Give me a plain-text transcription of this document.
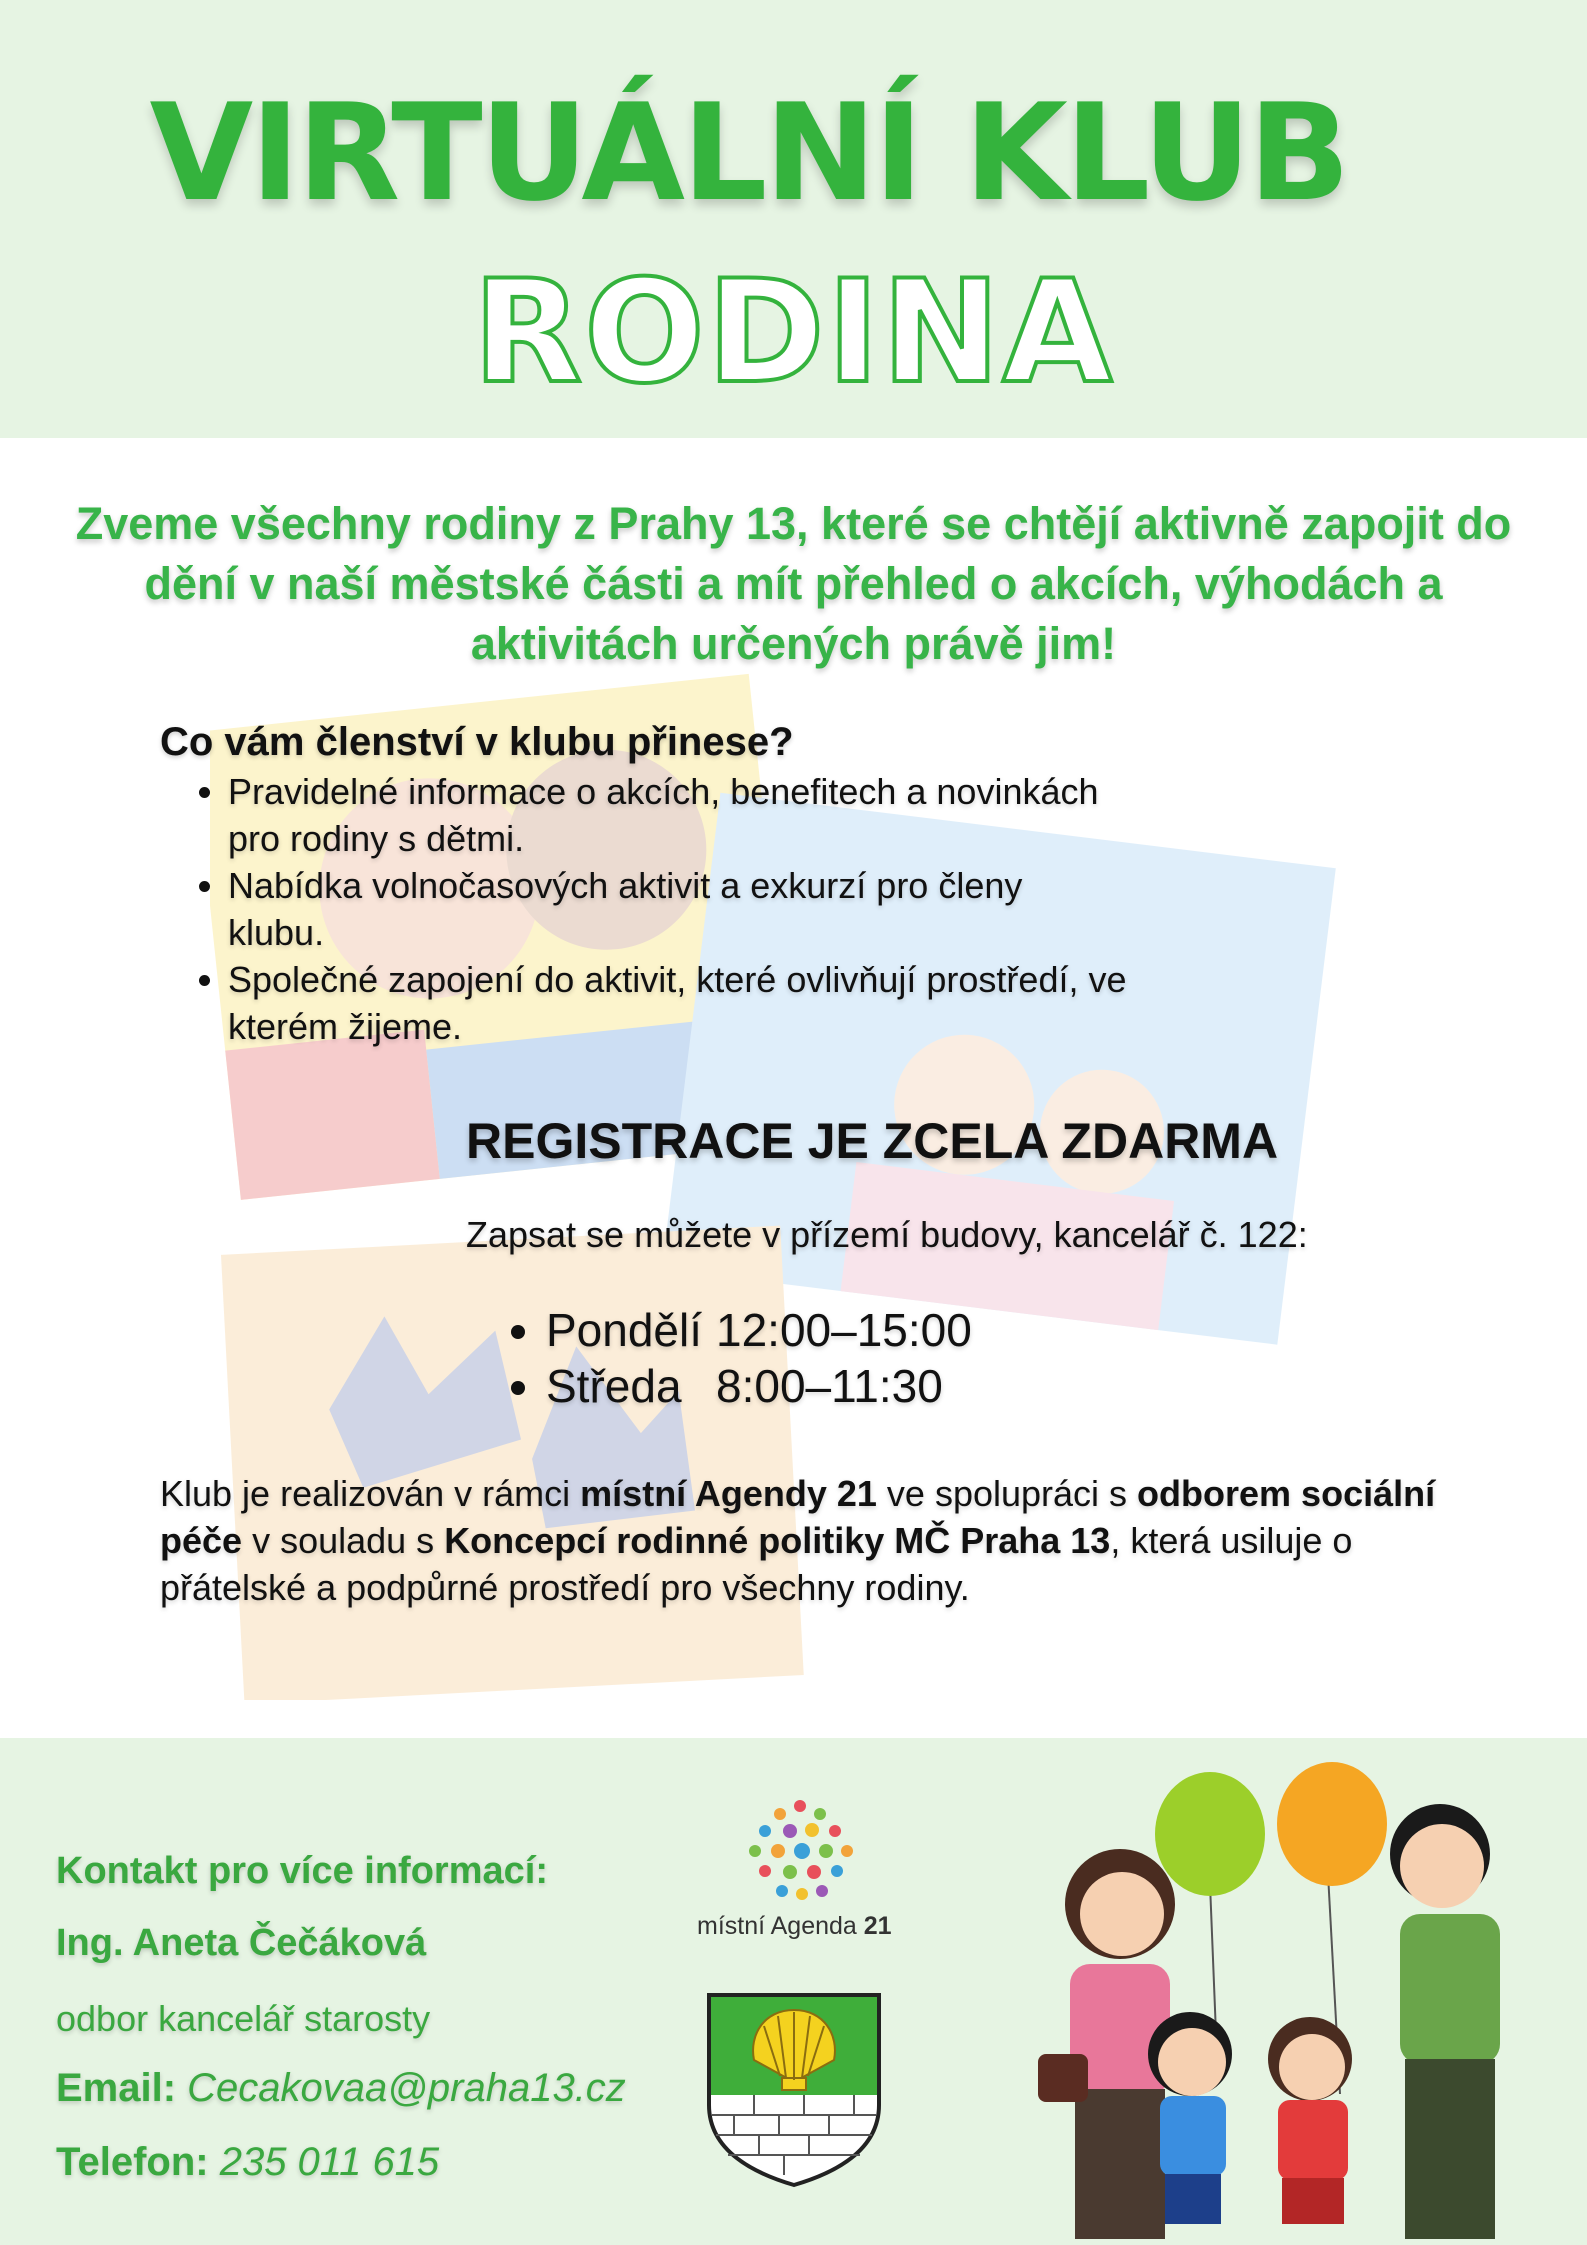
VIRTUÁLNÍ KLUB
RODINA
Zveme všechny rodiny z Prahy 13, které se chtějí aktivně zapojit do dění v naší městské části a mít přehled o akcích, výhodách a aktivitách určených právě jim!
Co vám členství v klubu přinese?
• Pravidelné informace o akcích, benefitech a novinkách pro rodiny s dětmi.
• Nabídka volnočasových aktivit a exkurzí pro členy klubu.
• Společné zapojení do aktivit, které ovlivňují prostředí, ve kterém žijeme.
REGISTRACE JE ZCELA ZDARMA
Zapsat se můžete v přízemí budovy, kancelář č. 122:
• Pondělí 12:00–15:00
• Středa 8:00–11:30
Klub je realizován v rámci místní Agendy 21 ve spolupráci s odborem sociální péče v souladu s Koncepcí rodinné politiky MČ Praha 13, která usiluje o přátelské a podpůrné prostředí pro všechny rodiny.
Kontakt pro více informací:
Ing. Aneta Čečáková
odbor kancelář starosty
Email: Cecakovaa@praha13.cz
Telefon: 235 011 615
místní Agenda 21
